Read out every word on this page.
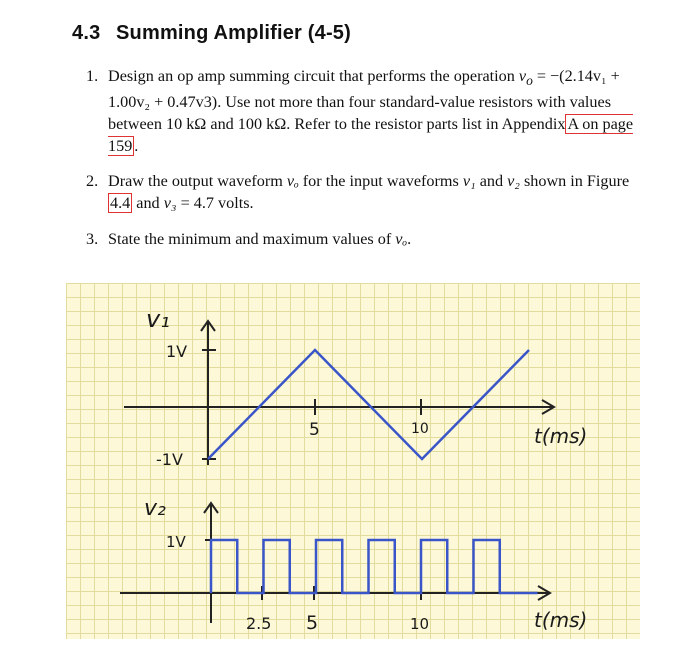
4.3 Summing Amplifier (4-5)
1. Design an op amp summing circuit that performs the operation $v_o = -(2.14v_1 + 1.00v_2 + 0.47v3)$. Use not more than four standard-value resistors with values between 10 kΩ and 100 kΩ. Refer to the resistor parts list in Appendix A on page 159 .
2. Draw the output waveform vₒ for the input waveforms v₁ and v₂ shown in Figure 4.4 and v₃ = 4.7 volts.
3. State the minimum and maximum values of vₒ.
v₁
1V
-1V
5	10	t(ms)
v₂
1V
2.5 5	10	t(ms)
